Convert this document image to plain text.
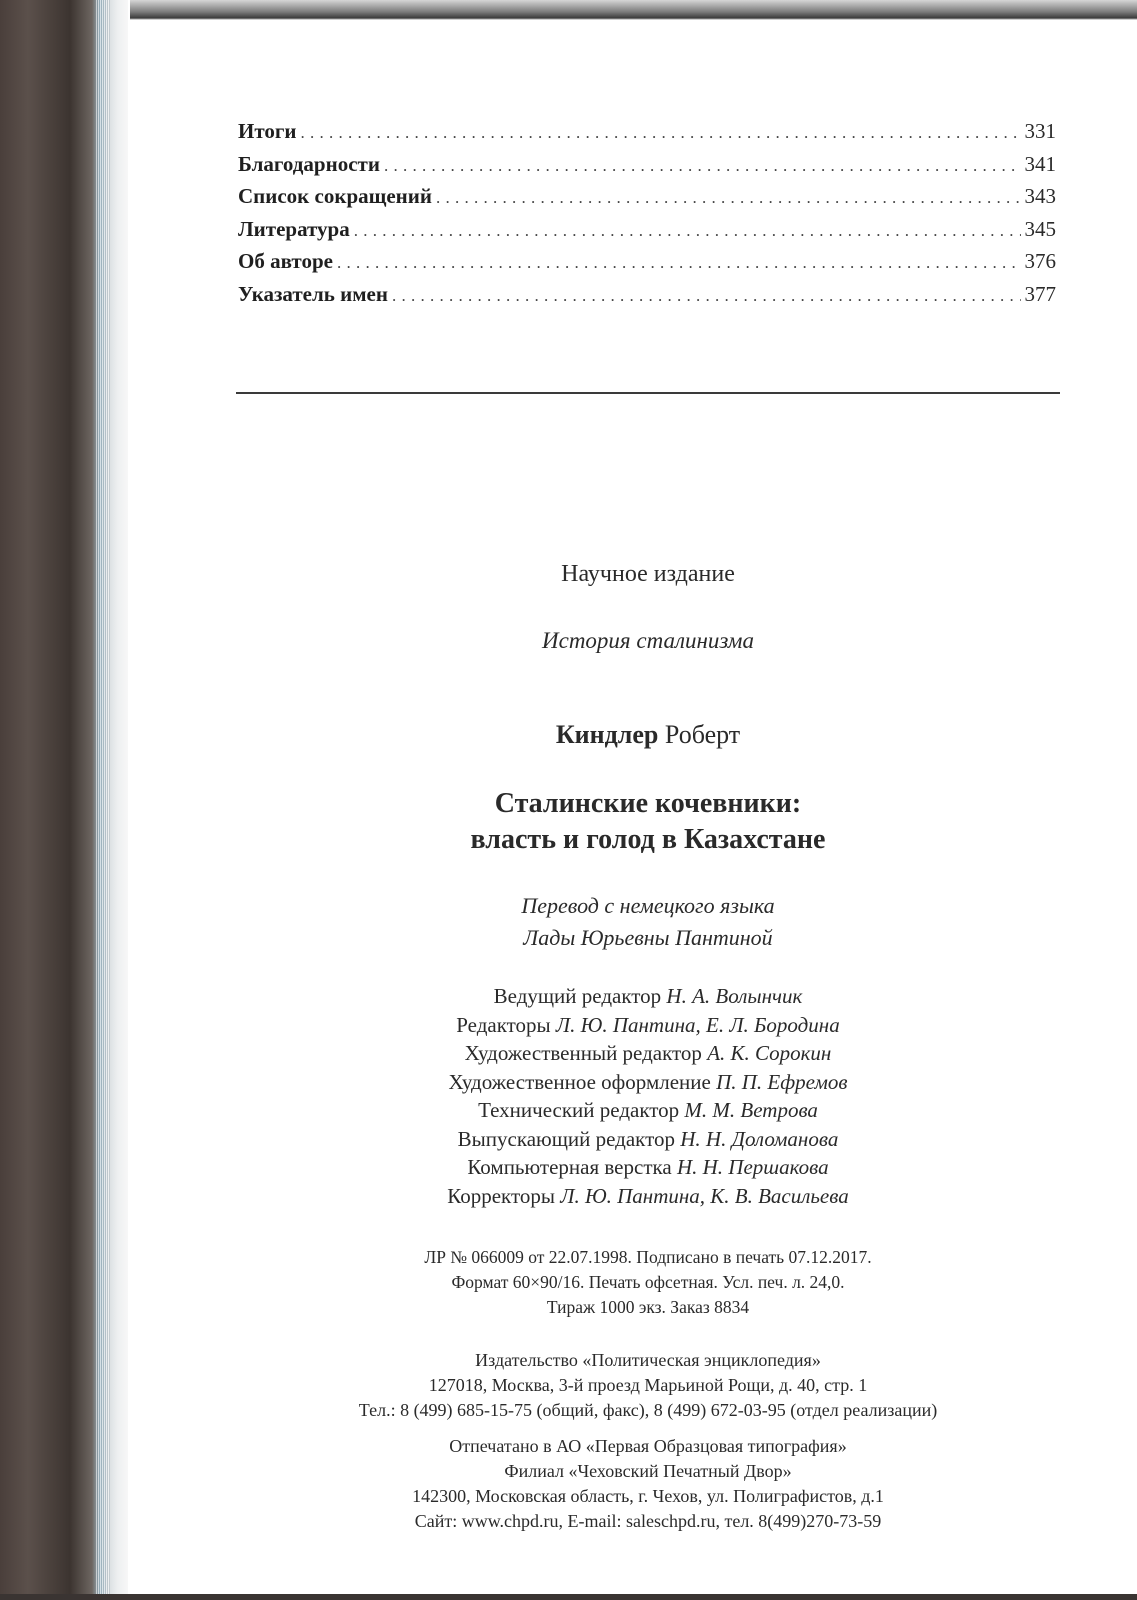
Итоги . . .	331
Благодарности . . .	341
Список сокращений . . .	343
Литература . . .	345
Об авторе . . .	376
Указатель имен . . .	377
Научное издание
История сталинизма
Киндлер Роберт
Сталинские кочевники:
власть и голод в Казахстане
Перевод с немецкого языка
Лады Юрьевны Пантиной
Ведущий редактор Н. А. Волынчик
Редакторы Л. Ю. Пантина, Е. Л. Бородина
Художественный редактор А. К. Сорокин
Художественное оформление П. П. Ефремов
Технический редактор М. М. Ветрова
Выпускающий редактор Н. Н. Доломанова
Компьютерная верстка Н. Н. Першакова
Корректоры Л. Ю. Пантина, К. В. Васильева
ЛР № 066009 от 22.07.1998. Подписано в печать 07.12.2017.
Формат 60×90/16. Печать офсетная. Усл. печ. л. 24,0.
Тираж 1000 экз. Заказ 8834
Издательство «Политическая энциклопедия»
127018, Москва, 3-й проезд Марьиной Рощи, д. 40, стр. 1
Тел.: 8 (499) 685-15-75 (общий, факс), 8 (499) 672-03-95 (отдел реализации)
Отпечатано в АО «Первая Образцовая типография»
Филиал «Чеховский Печатный Двор»
142300, Московская область, г. Чехов, ул. Полиграфистов, д.1
Сайт: www.chpd.ru, E-mail: saleschpd.ru, тел. 8(499)270-73-59
